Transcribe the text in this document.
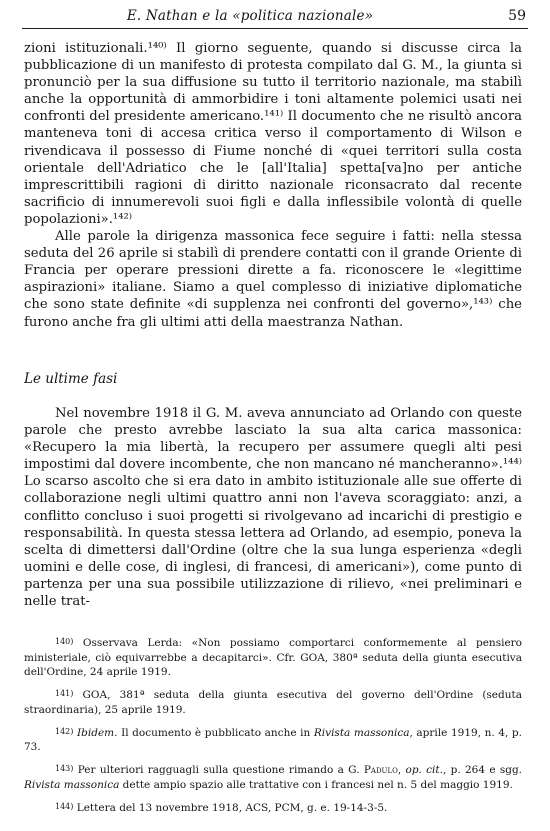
E. Nathan e la «politica nazionale»	59

zioni istituzionali.¹⁴⁰⁾ Il giorno seguente, quando si discusse circa la pubblicazione di un manifesto di protesta compilato dal G. M., la giunta si pronunciò per la sua diffusione su tutto il territorio nazionale, ma stabilì anche la opportunità di ammorbidire i toni altamente polemici usati nei confronti del presidente americano.¹⁴¹⁾ Il documento che ne risultò ancora manteneva toni di accesa critica verso il comportamento di Wilson e rivendicava il possesso di Fiume nonché di «quei territori sulla costa orientale dell'Adriatico che le [all'Italia] spetta[va]no per antiche imprescrittibili ragioni di diritto nazionale riconsacrato dal recente sacrificio di innumerevoli suoi figli e dalla inflessibile volontà di quelle popolazioni».¹⁴²⁾

Alle parole la dirigenza massonica fece seguire i fatti: nella stessa seduta del 26 aprile si stabilì di prendere contatti con il grande Oriente di Francia per operare pressioni dirette a fa. riconoscere le «legittime aspirazioni» italiane. Siamo a quel complesso di iniziative diplomatiche che sono state definite «di supplenza nei confronti del governo»,¹⁴³⁾ che furono anche fra gli ultimi atti della maestranza Nathan.

Le ultime fasi

Nel novembre 1918 il G. M. aveva annunciato ad Orlando con queste parole che presto avrebbe lasciato la sua alta carica massonica: «Recupero la mia libertà, la recupero per assumere quegli alti pesi impostimi dal dovere incombente, che non mancano né mancheranno».¹⁴⁴⁾ Lo scarso ascolto che si era dato in ambito istituzionale alle sue offerte di collaborazione negli ultimi quattro anni non l'aveva scoraggiato: anzi, a conflitto concluso i suoi progetti si rivolgevano ad incarichi di prestigio e responsabilità. In questa stessa lettera ad Orlando, ad esempio, poneva la scelta di dimettersi dall'Ordine (oltre che la sua lunga esperienza «degli uomini e delle cose, di inglesi, di francesi, di americani»), come punto di partenza per una sua possibile utilizzazione di rilievo, «nei preliminari e nelle trat-

$^{140)}$ Osservava Lerda: «Non possiamo comportarci conformemente al pensiero ministeriale, ciò equivarrebbe a decapitarci». Cfr. GOA, 380ª seduta della giunta esecutiva dell'Ordine, 24 aprile 1919.

$^{141)}$ GOA, 381ª seduta della giunta esecutiva del governo dell'Ordine (seduta straordinaria), 25 aprile 1919.

$^{142)}$ Ibidem. Il documento è pubblicato anche in Rivista massonica, aprile 1919, n. 4, p. 73.

$^{143)}$ Per ulteriori ragguagli sulla questione rimando a G. Padulo, op. cit., p. 264 e sgg. Rivista massonica dette ampio spazio alle trattative con i francesi nel n. 5 del maggio 1919.

$^{144)}$ Lettera del 13 novembre 1918, ACS, PCM, g. e. 19-14-3-5.
